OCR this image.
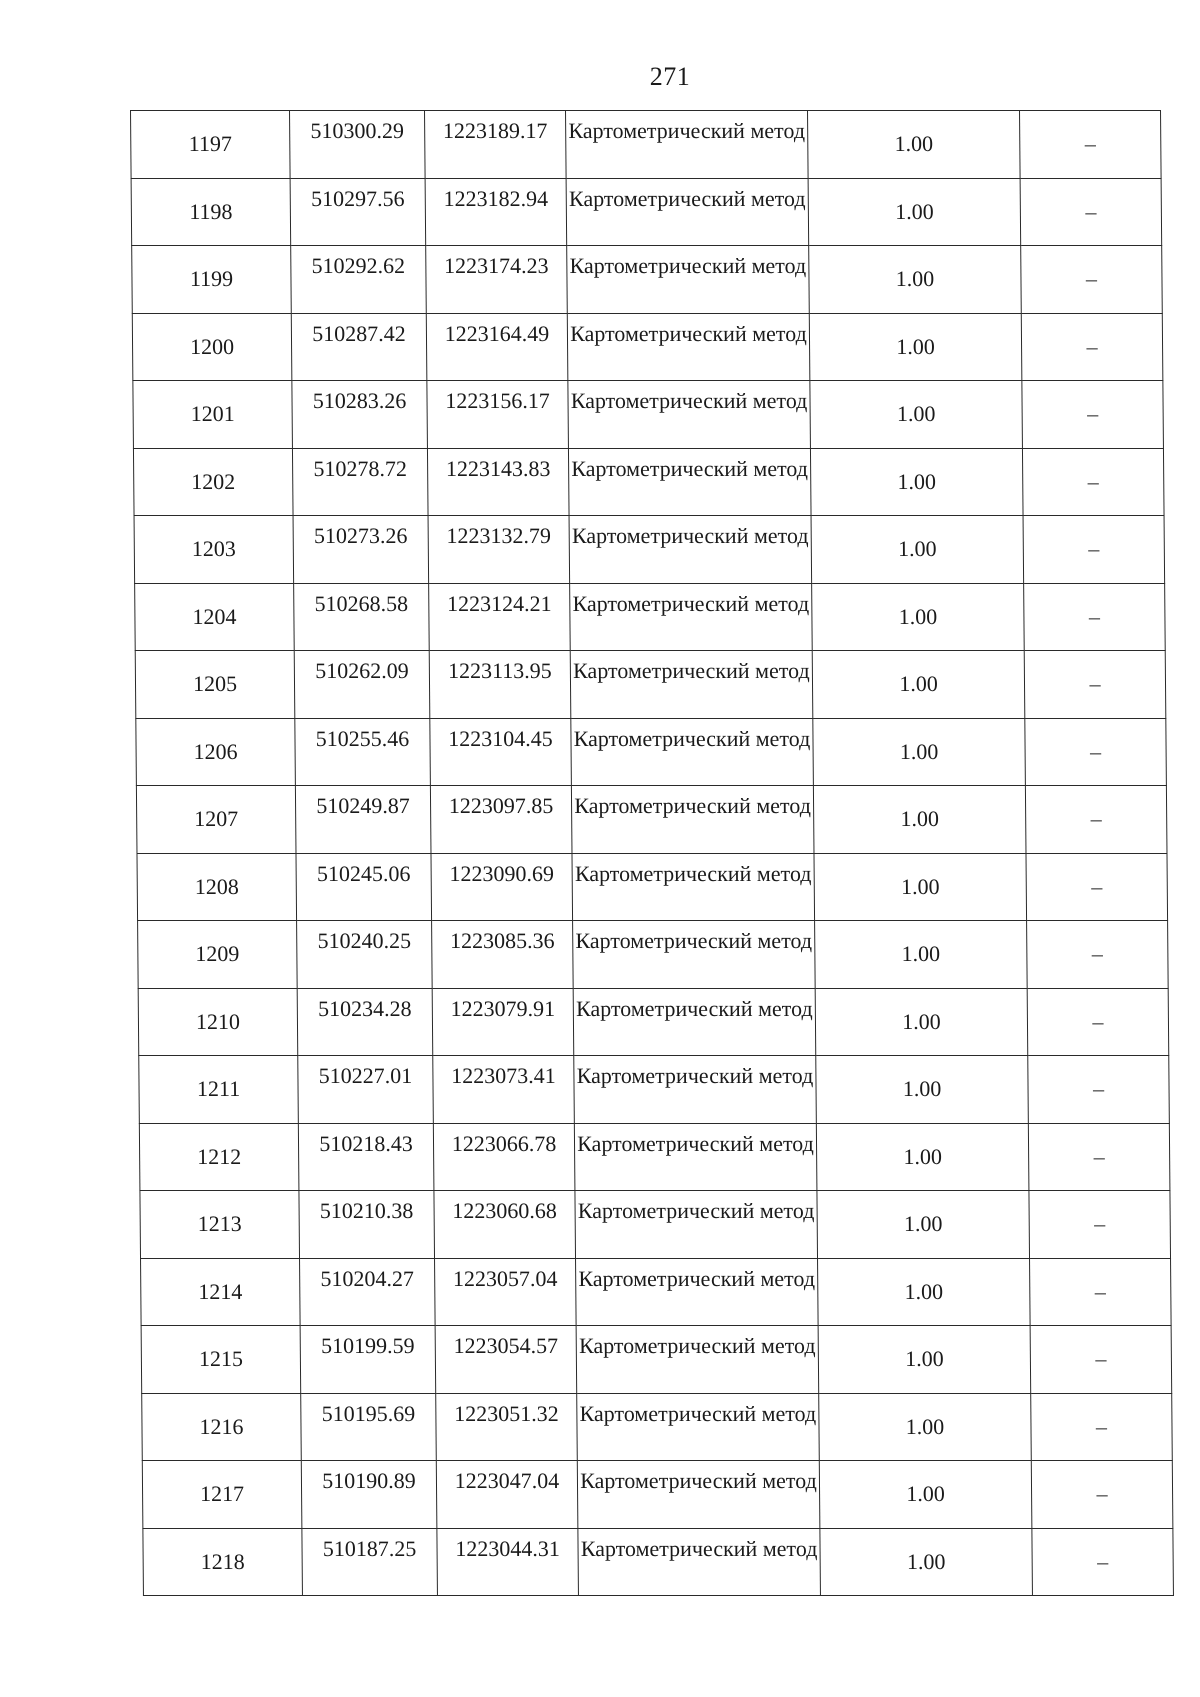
271
1197	510300.29	1223189.17	Картометрический метод	1.00	–
1198	510297.56	1223182.94	Картометрический метод	1.00	–
1199	510292.62	1223174.23	Картометрический метод	1.00	–
1200	510287.42	1223164.49	Картометрический метод	1.00	–
1201	510283.26	1223156.17	Картометрический метод	1.00	–
1202	510278.72	1223143.83	Картометрический метод	1.00	–
1203	510273.26	1223132.79	Картометрический метод	1.00	–
1204	510268.58	1223124.21	Картометрический метод	1.00	–
1205	510262.09	1223113.95	Картометрический метод	1.00	–
1206	510255.46	1223104.45	Картометрический метод	1.00	–
1207	510249.87	1223097.85	Картометрический метод	1.00	–
1208	510245.06	1223090.69	Картометрический метод	1.00	–
1209	510240.25	1223085.36	Картометрический метод	1.00	–
1210	510234.28	1223079.91	Картометрический метод	1.00	–
1211	510227.01	1223073.41	Картометрический метод	1.00	–
1212	510218.43	1223066.78	Картометрический метод	1.00	–
1213	510210.38	1223060.68	Картометрический метод	1.00	–
1214	510204.27	1223057.04	Картометрический метод	1.00	–
1215	510199.59	1223054.57	Картометрический метод	1.00	–
1216	510195.69	1223051.32	Картометрический метод	1.00	–
1217	510190.89	1223047.04	Картометрический метод	1.00	–
1218	510187.25	1223044.31	Картометрический метод	1.00	–
